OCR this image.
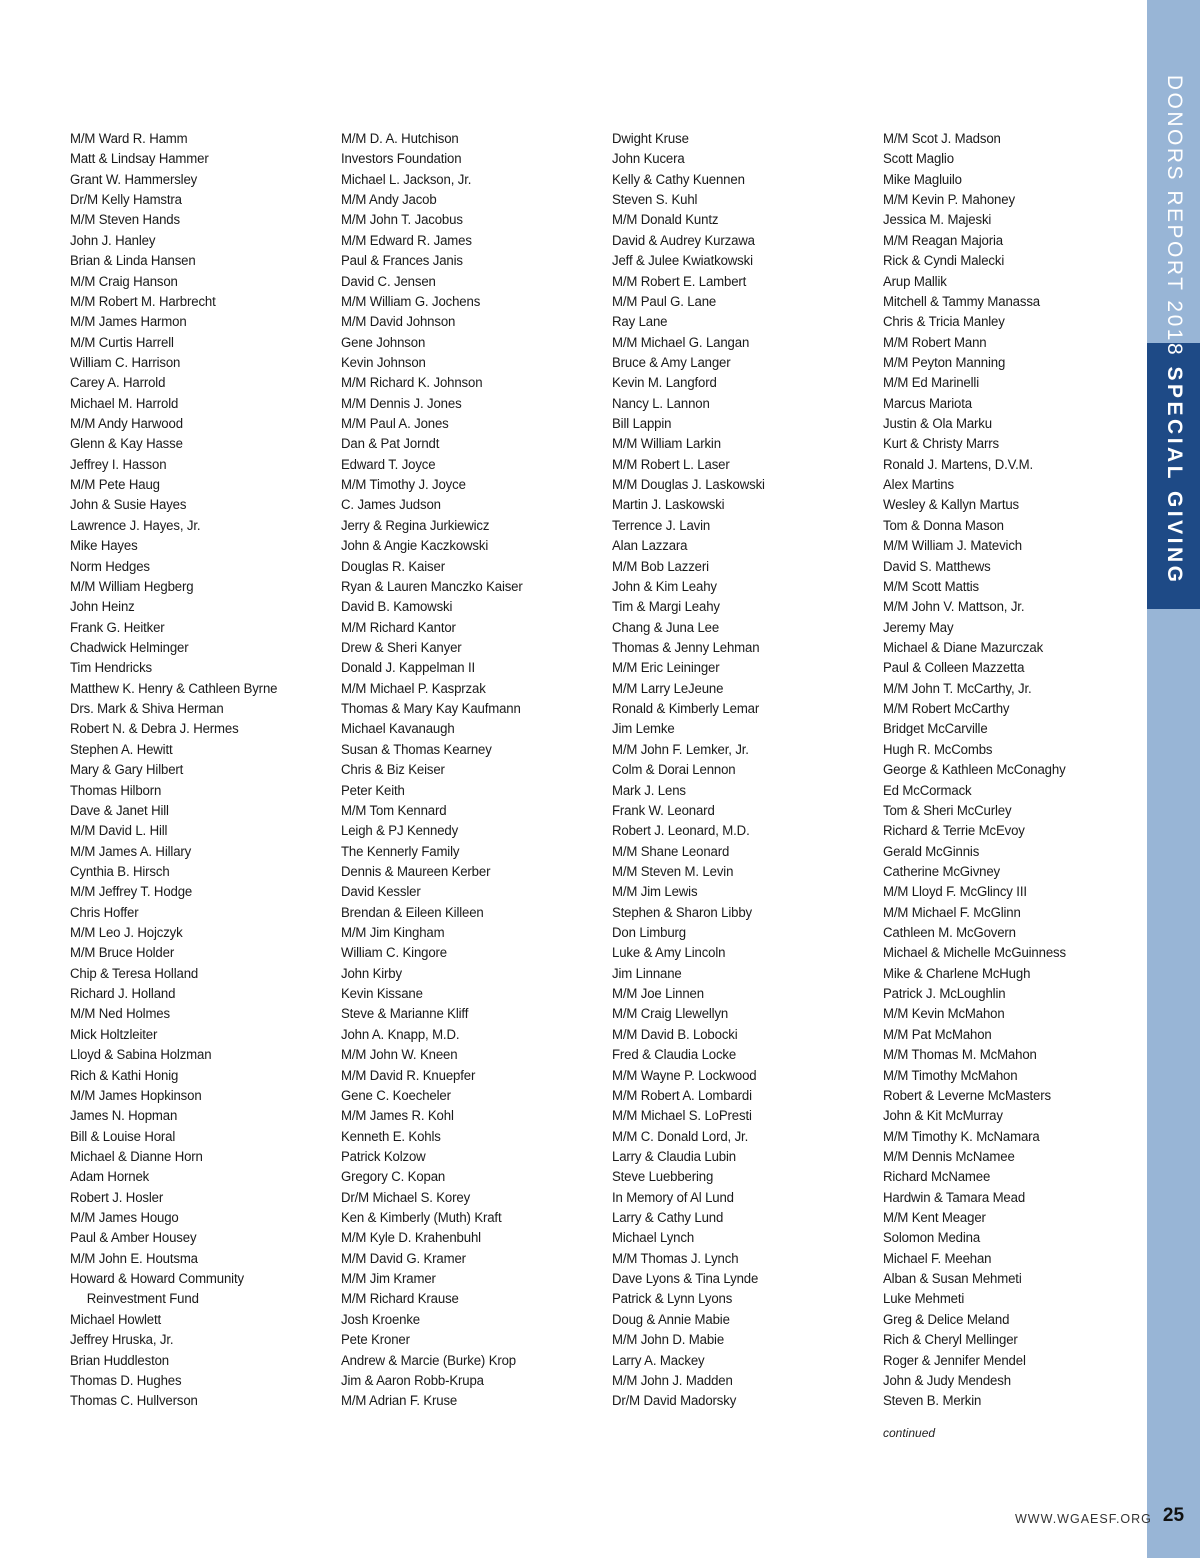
DONORS REPORT 2018
SPECIAL GIVING
M/M Ward R. Hamm
Matt & Lindsay Hammer
Grant W. Hammersley
Dr/M Kelly Hamstra
M/M Steven Hands
John J. Hanley
Brian & Linda Hansen
M/M Craig Hanson
M/M Robert M. Harbrecht
M/M James Harmon
M/M Curtis Harrell
William C. Harrison
Carey A. Harrold
Michael M. Harrold
M/M Andy Harwood
Glenn & Kay Hasse
Jeffrey I. Hasson
M/M Pete Haug
John & Susie Hayes
Lawrence J. Hayes, Jr.
Mike Hayes
Norm Hedges
M/M William Hegberg
John Heinz
Frank G. Heitker
Chadwick Helminger
Tim Hendricks
Matthew K. Henry & Cathleen Byrne
Drs. Mark & Shiva Herman
Robert N. & Debra J. Hermes
Stephen A. Hewitt
Mary & Gary Hilbert
Thomas Hilborn
Dave & Janet Hill
M/M David L. Hill
M/M James A. Hillary
Cynthia B. Hirsch
M/M Jeffrey T. Hodge
Chris Hoffer
M/M Leo J. Hojczyk
M/M Bruce Holder
Chip & Teresa Holland
Richard J. Holland
M/M Ned Holmes
Mick Holtzleiter
Lloyd & Sabina Holzman
Rich & Kathi Honig
M/M James Hopkinson
James N. Hopman
Bill & Louise Horal
Michael & Dianne Horn
Adam Hornek
Robert J. Hosler
M/M James Hougo
Paul & Amber Housey
M/M John E. Houtsma
Howard & Howard Community
Reinvestment Fund
Michael Howlett
Jeffrey Hruska, Jr.
Brian Huddleston
Thomas D. Hughes
Thomas C. Hullverson
M/M D. A. Hutchison
Investors Foundation
Michael L. Jackson, Jr.
M/M Andy Jacob
M/M John T. Jacobus
M/M Edward R. James
Paul & Frances Janis
David C. Jensen
M/M William G. Jochens
M/M David Johnson
Gene Johnson
Kevin Johnson
M/M Richard K. Johnson
M/M Dennis J. Jones
M/M Paul A. Jones
Dan & Pat Jorndt
Edward T. Joyce
M/M Timothy J. Joyce
C. James Judson
Jerry & Regina Jurkiewicz
John & Angie Kaczkowski
Douglas R. Kaiser
Ryan & Lauren Manczko Kaiser
David B. Kamowski
M/M Richard Kantor
Drew & Sheri Kanyer
Donald J. Kappelman II
M/M Michael P. Kasprzak
Thomas & Mary Kay Kaufmann
Michael Kavanaugh
Susan & Thomas Kearney
Chris & Biz Keiser
Peter Keith
M/M Tom Kennard
Leigh & PJ Kennedy
The Kennerly Family
Dennis & Maureen Kerber
David Kessler
Brendan & Eileen Killeen
M/M Jim Kingham
William C. Kingore
John Kirby
Kevin Kissane
Steve & Marianne Kliff
John A. Knapp, M.D.
M/M John W. Kneen
M/M David R. Knuepfer
Gene C. Koecheler
M/M James R. Kohl
Kenneth E. Kohls
Patrick Kolzow
Gregory C. Kopan
Dr/M Michael S. Korey
Ken & Kimberly (Muth) Kraft
M/M Kyle D. Krahenbuhl
M/M David G. Kramer
M/M Jim Kramer
M/M Richard Krause
Josh Kroenke
Pete Kroner
Andrew & Marcie (Burke) Krop
Jim & Aaron Robb-Krupa
M/M Adrian F. Kruse
Dwight Kruse
John Kucera
Kelly & Cathy Kuennen
Steven S. Kuhl
M/M Donald Kuntz
David & Audrey Kurzawa
Jeff & Julee Kwiatkowski
M/M Robert E. Lambert
M/M Paul G. Lane
Ray Lane
M/M Michael G. Langan
Bruce & Amy Langer
Kevin M. Langford
Nancy L. Lannon
Bill Lappin
M/M William Larkin
M/M Robert L. Laser
M/M Douglas J. Laskowski
Martin J. Laskowski
Terrence J. Lavin
Alan Lazzara
M/M Bob Lazzeri
John & Kim Leahy
Tim & Margi Leahy
Chang & Juna Lee
Thomas & Jenny Lehman
M/M Eric Leininger
M/M Larry LeJeune
Ronald & Kimberly Lemar
Jim Lemke
M/M John F. Lemker, Jr.
Colm & Dorai Lennon
Mark J. Lens
Frank W. Leonard
Robert J. Leonard, M.D.
M/M Shane Leonard
M/M Steven M. Levin
M/M Jim Lewis
Stephen & Sharon Libby
Don Limburg
Luke & Amy Lincoln
Jim Linnane
M/M Joe Linnen
M/M Craig Llewellyn
M/M David B. Lobocki
Fred & Claudia Locke
M/M Wayne P. Lockwood
M/M Robert A. Lombardi
M/M Michael S. LoPresti
M/M C. Donald Lord, Jr.
Larry & Claudia Lubin
Steve Luebbering
In Memory of Al Lund
Larry & Cathy Lund
Michael Lynch
M/M Thomas J. Lynch
Dave Lyons & Tina Lynde
Patrick & Lynn Lyons
Doug & Annie Mabie
M/M John D. Mabie
Larry A. Mackey
M/M John J. Madden
Dr/M David Madorsky
M/M Scot J. Madson
Scott Maglio
Mike Magluilo
M/M Kevin P. Mahoney
Jessica M. Majeski
M/M Reagan Majoria
Rick & Cyndi Malecki
Arup Mallik
Mitchell & Tammy Manassa
Chris & Tricia Manley
M/M Robert Mann
M/M Peyton Manning
M/M Ed Marinelli
Marcus Mariota
Justin & Ola Marku
Kurt & Christy Marrs
Ronald J. Martens, D.V.M.
Alex Martins
Wesley & Kallyn Martus
Tom & Donna Mason
M/M William J. Matevich
David S. Matthews
M/M Scott Mattis
M/M John V. Mattson, Jr.
Jeremy May
Michael & Diane Mazurczak
Paul & Colleen Mazzetta
M/M John T. McCarthy, Jr.
M/M Robert McCarthy
Bridget McCarville
Hugh R. McCombs
George & Kathleen McConaghy
Ed McCormack
Tom & Sheri McCurley
Richard & Terrie McEvoy
Gerald McGinnis
Catherine McGivney
M/M Lloyd F. McGlincy III
M/M Michael F. McGlinn
Cathleen M. McGovern
Michael & Michelle McGuinness
Mike & Charlene McHugh
Patrick J. McLoughlin
M/M Kevin McMahon
M/M Pat McMahon
M/M Thomas M. McMahon
M/M Timothy McMahon
Robert & Leverne McMasters
John & Kit McMurray
M/M Timothy K. McNamara
M/M Dennis McNamee
Richard McNamee
Hardwin & Tamara Mead
M/M Kent Meager
Solomon Medina
Michael F. Meehan
Alban & Susan Mehmeti
Luke Mehmeti
Greg & Delice Meland
Rich & Cheryl Mellinger
Roger & Jennifer Mendel
John & Judy Mendesh
Steven B. Merkin
continued
WWW.WGAESF.ORG 25
